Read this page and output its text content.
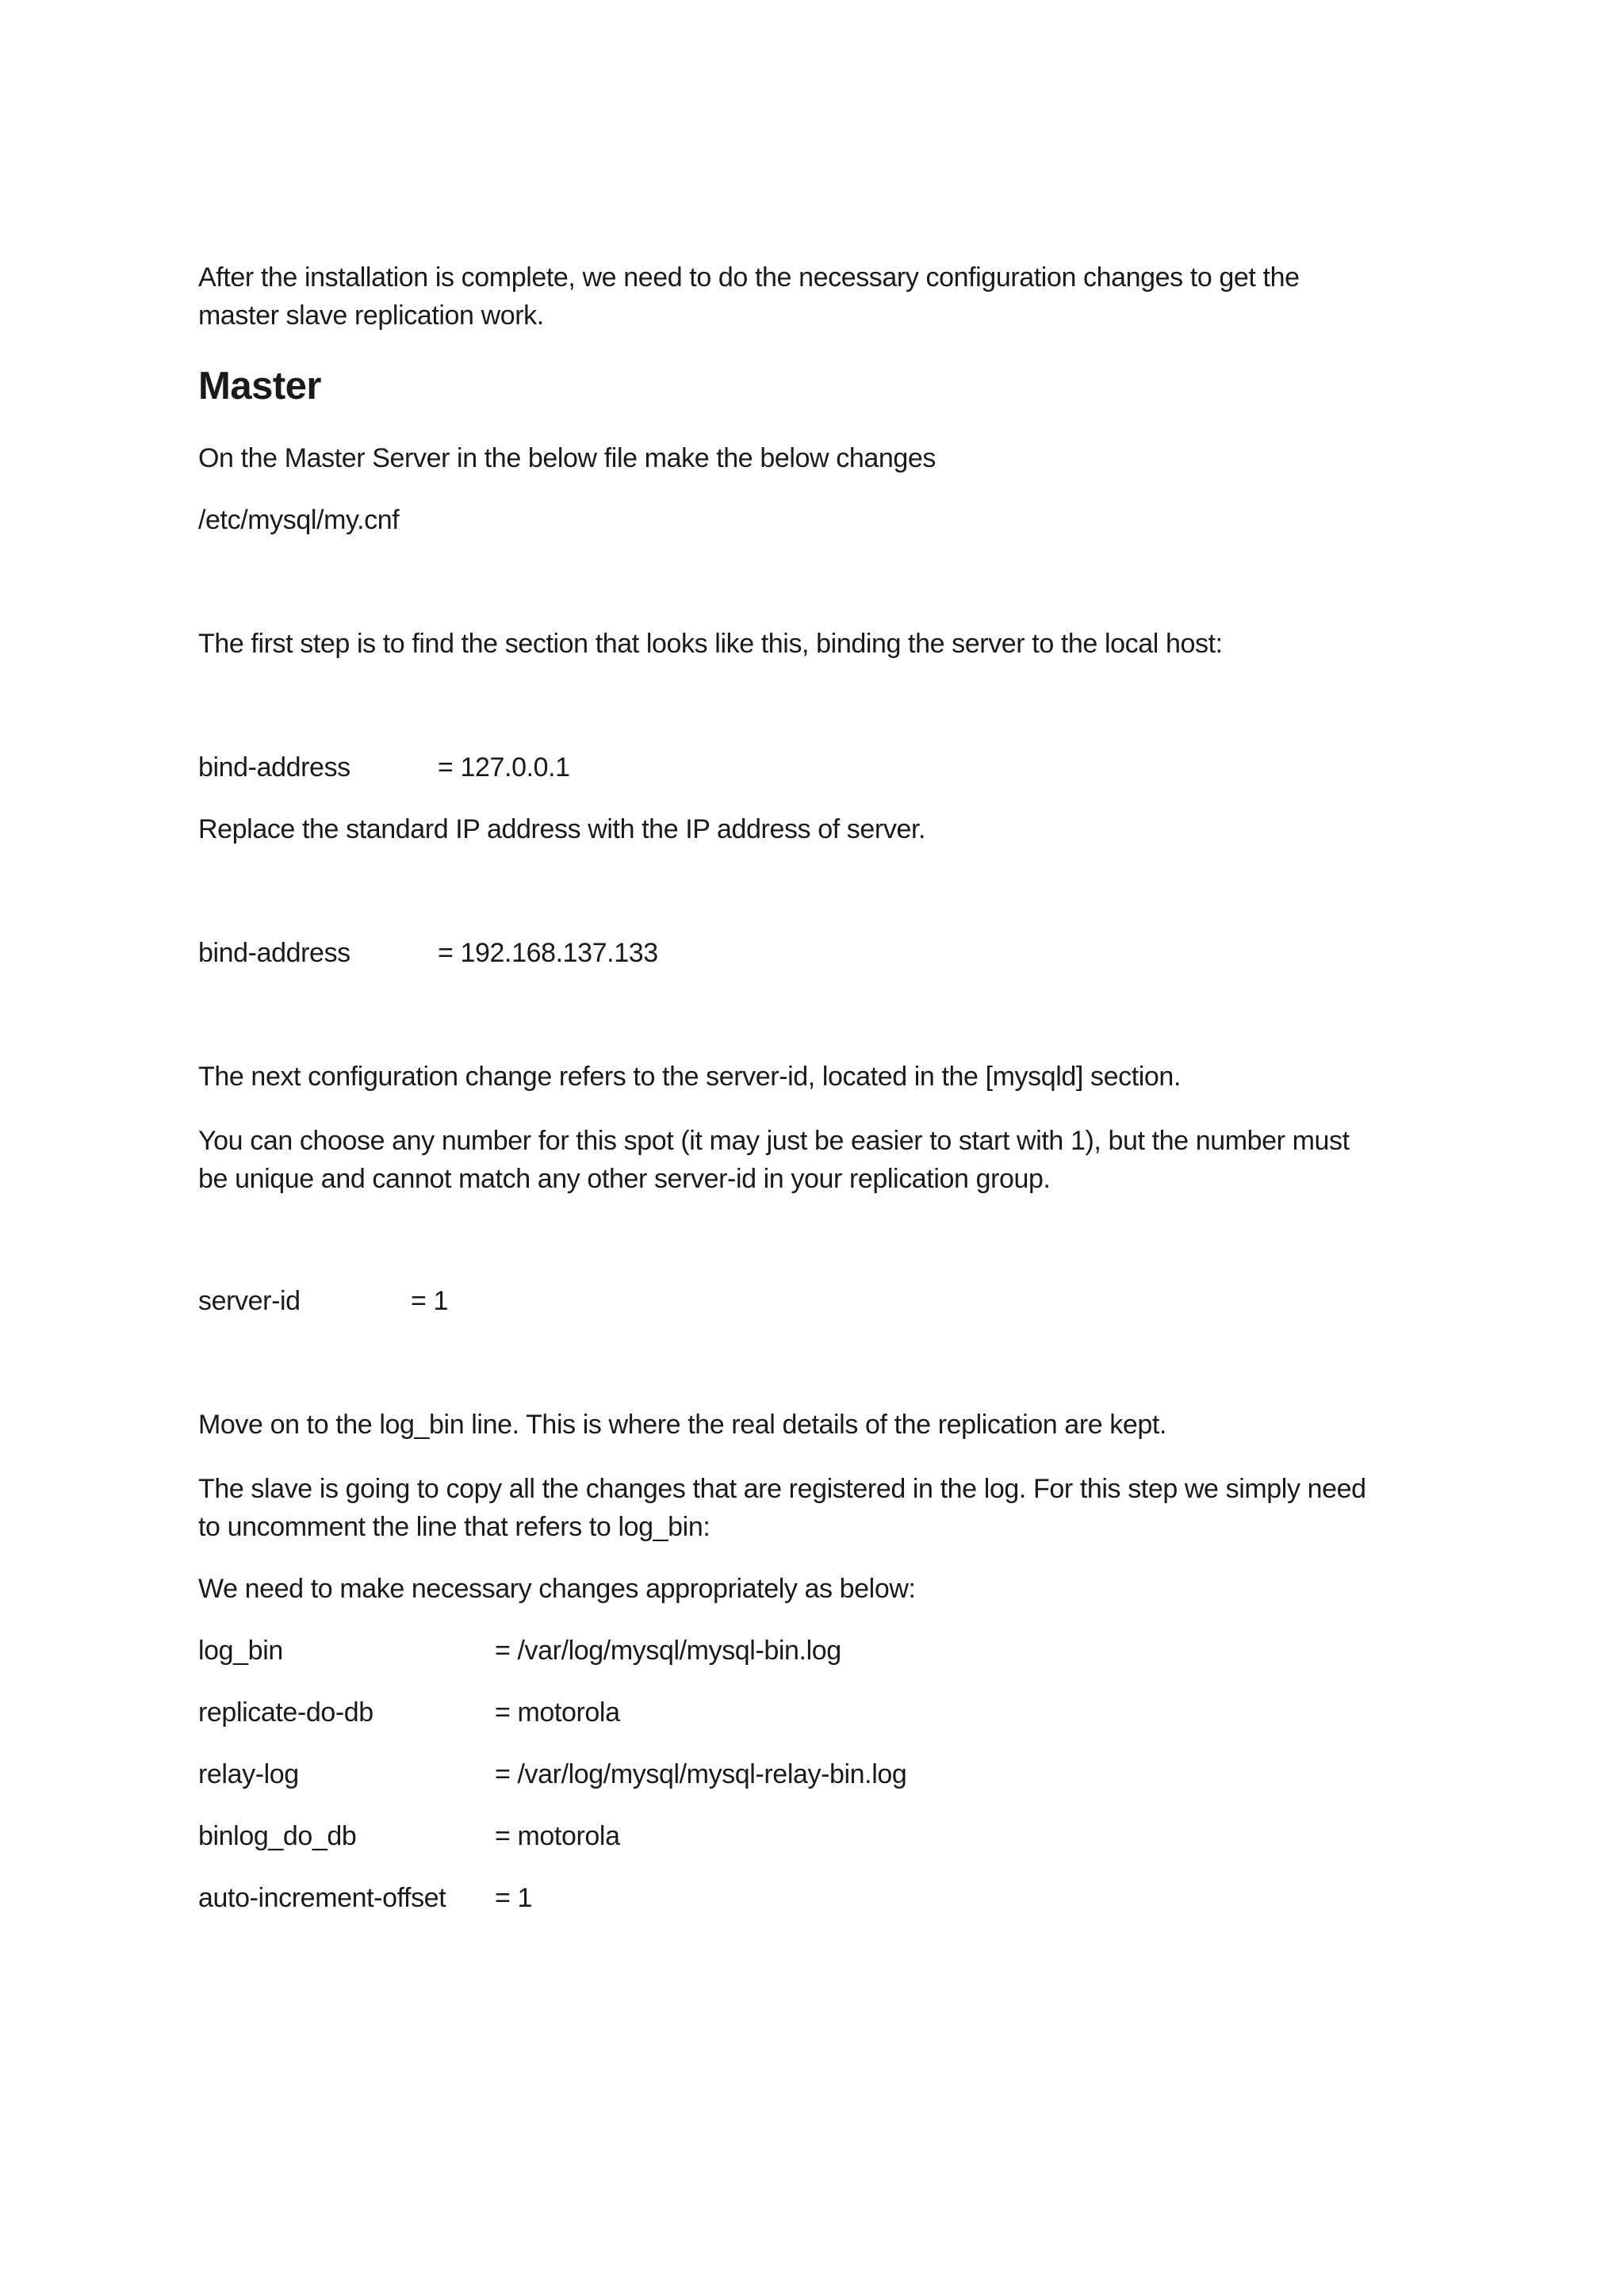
After the installation is complete, we need to do the necessary configuration changes to get the
master slave replication work.
Master
On the Master Server in the below file make the below changes
/etc/mysql/my.cnf
The first step is to find the section that looks like this, binding the server to the local host:
bind-address	= 127.0.0.1
Replace the standard IP address with the IP address of server.
bind-address	= 192.168.137.133
The next configuration change refers to the server-id, located in the [mysqld] section.
You can choose any number for this spot (it may just be easier to start with 1), but the number must
be unique and cannot match any other server-id in your replication group.
server-id	= 1
Move on to the log_bin line. This is where the real details of the replication are kept.
The slave is going to copy all the changes that are registered in the log. For this step we simply need
to uncomment the line that refers to log_bin:
We need to make necessary changes appropriately as below:
log_bin	= /var/log/mysql/mysql-bin.log
replicate-do-db	= motorola
relay-log	= /var/log/mysql/mysql-relay-bin.log
binlog_do_db	= motorola
auto-increment-offset = 1
